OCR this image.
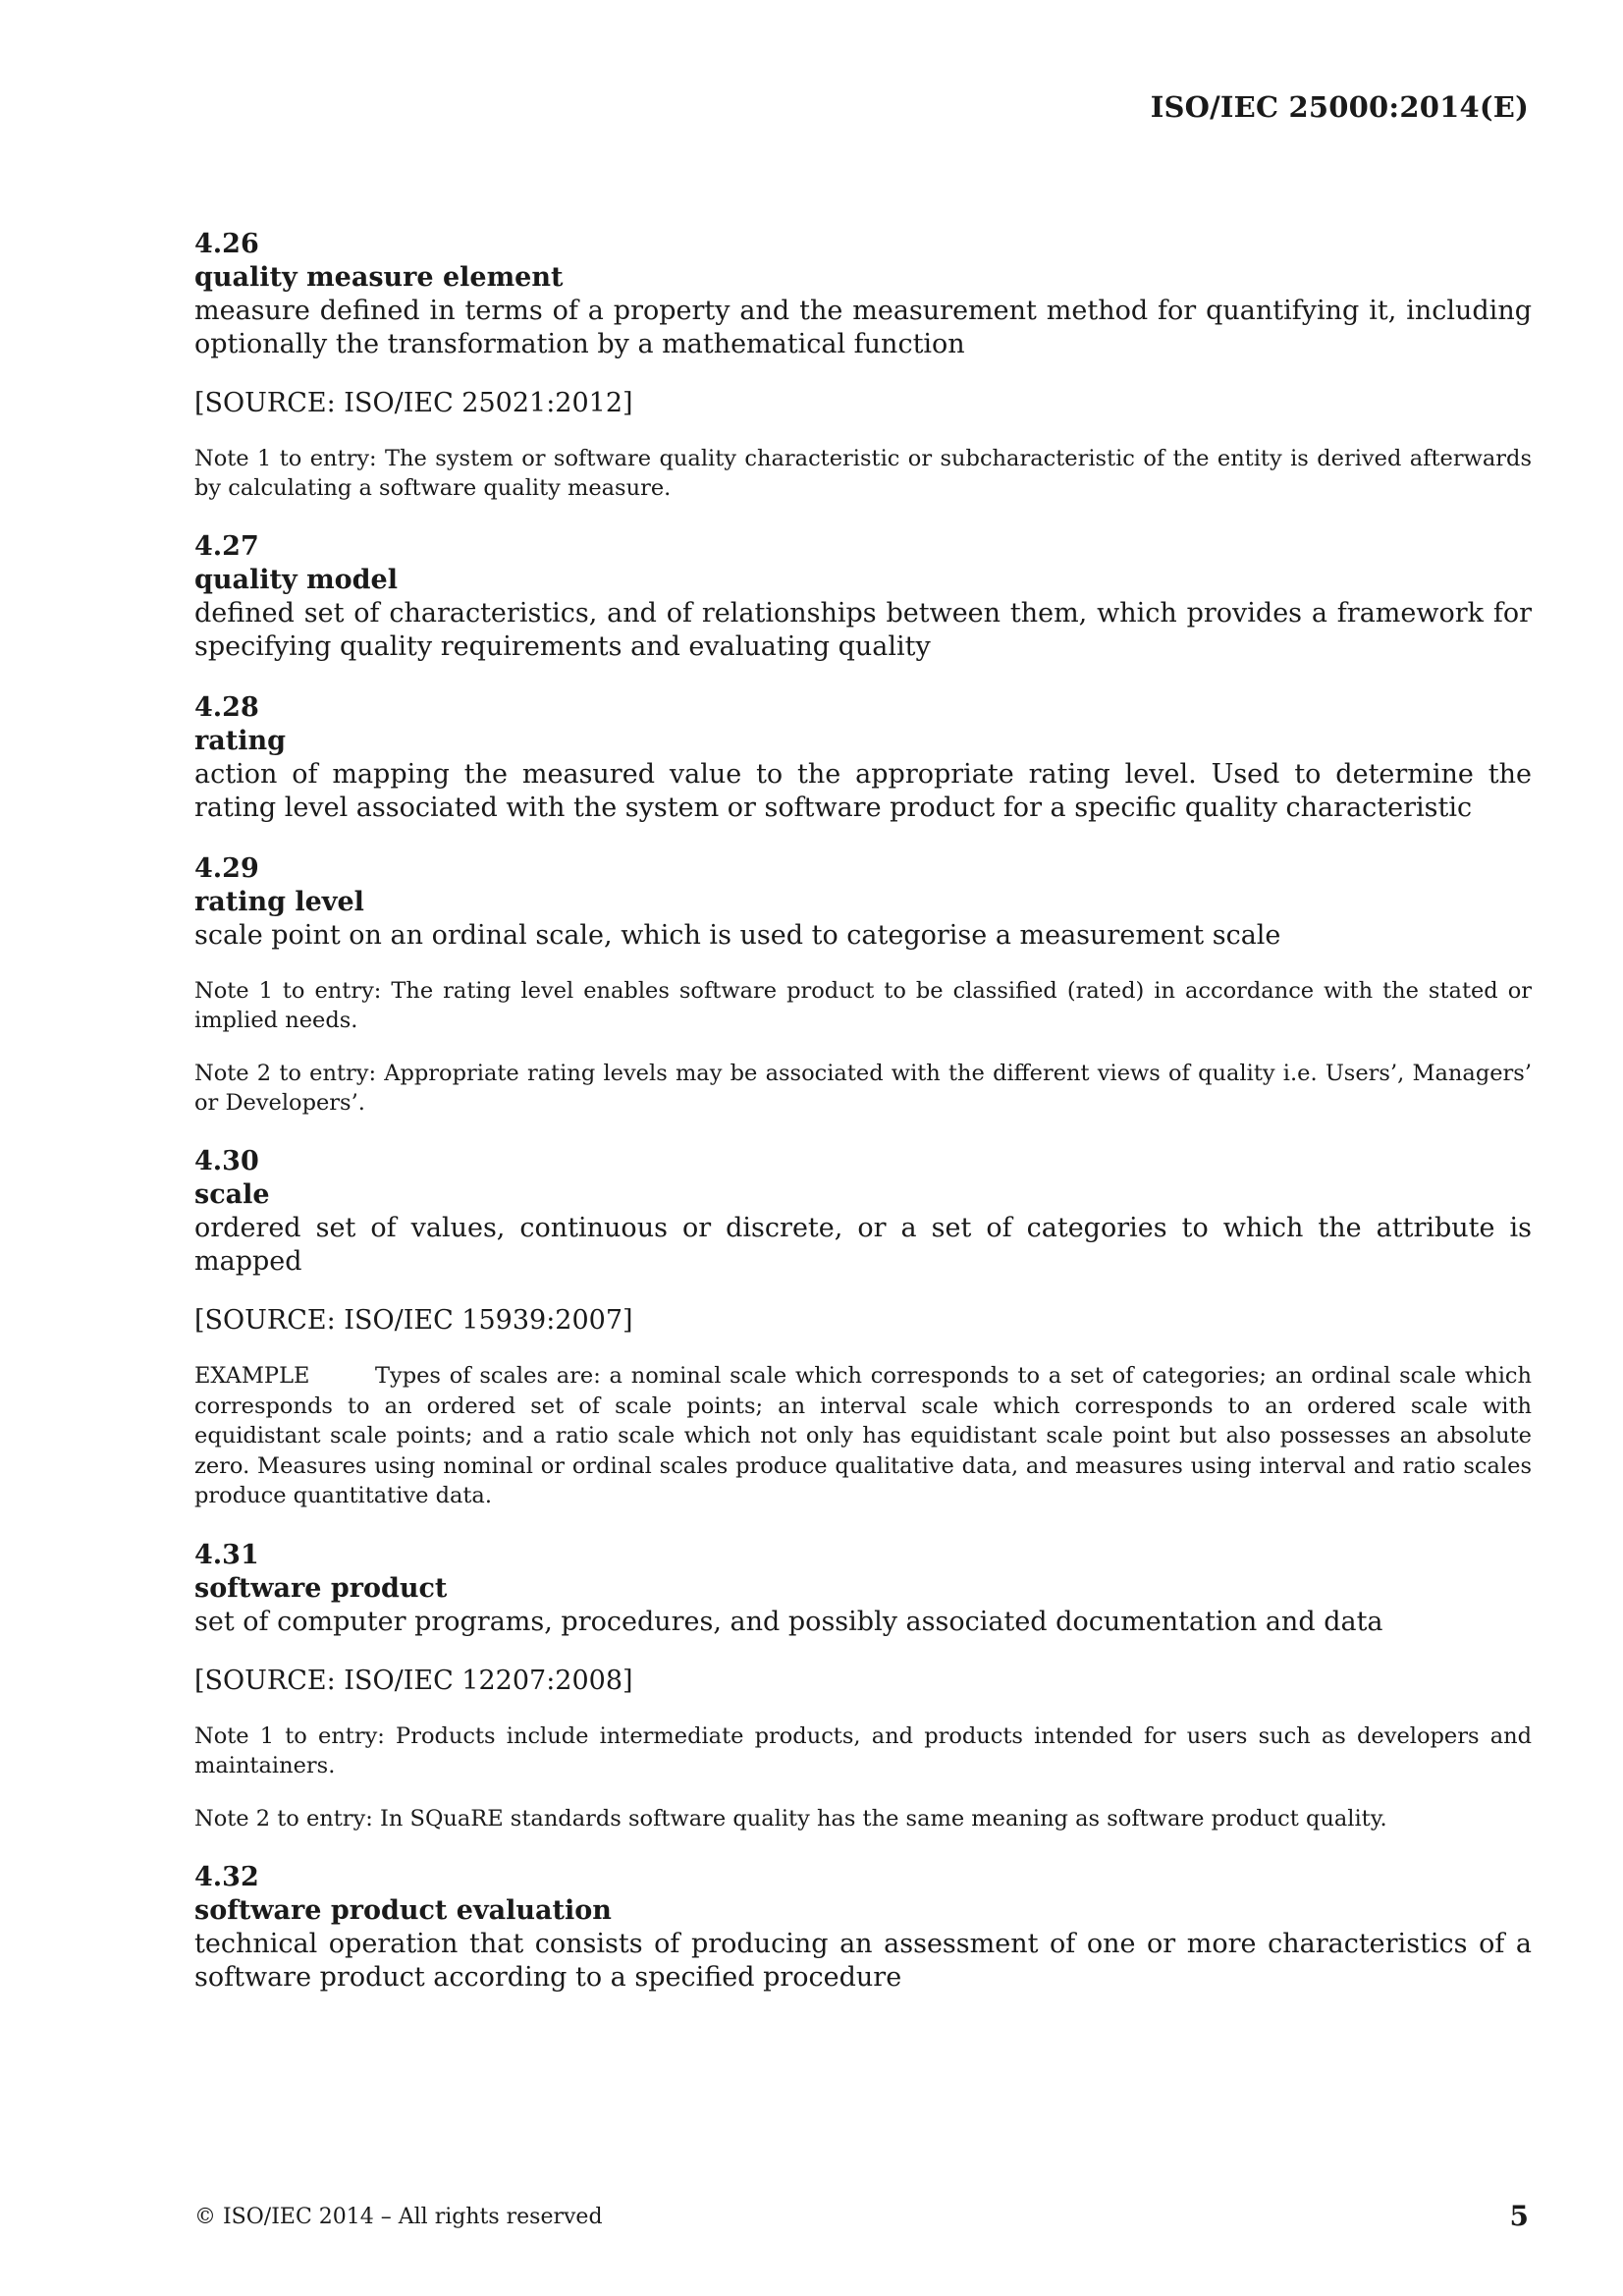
ISO/IEC 25000:2014(E)
4.26
quality measure element

measure defined in terms of a property and the measurement method for quantifying it, including optionally the transformation by a mathematical function

[SOURCE: ISO/IEC 25021:2012]
Note 1 to entry: The system or software quality characteristic or subcharacteristic of the entity is derived afterwards by calculating a software quality measure.
4.27
quality model

defined set of characteristics, and of relationships between them, which provides a framework for specifying quality requirements and evaluating quality

4.28
rating

action of mapping the measured value to the appropriate rating level. Used to determine the rating level associated with the system or software product for a specific quality characteristic

4.29
rating level

scale point on an ordinal scale, which is used to categorise a measurement scale

Note 1 to entry: The rating level enables software product to be classified (rated) in accordance with the stated or implied needs.
Note 2 to entry: Appropriate rating levels may be associated with the different views of quality i.e. Users’, Managers’ or Developers’.
4.30
scale

ordered set of values, continuous or discrete, or a set of categories to which the attribute is mapped

[SOURCE: ISO/IEC 15939:2007]
EXAMPLE	Types of scales are: a nominal scale which corresponds to a set of categories; an ordinal scale which corresponds to an ordered set of scale points; an interval scale which corresponds to an ordered scale with equidistant scale points; and a ratio scale which not only has equidistant scale point but also possesses an absolute zero. Measures using nominal or ordinal scales produce qualitative data, and measures using interval and ratio scales produce quantitative data.
4.31
software product

set of computer programs, procedures, and possibly associated documentation and data

[SOURCE: ISO/IEC 12207:2008]
Note 1 to entry: Products include intermediate products, and products intended for users such as developers and maintainers.
Note 2 to entry: In SQuaRE standards software quality has the same meaning as software product quality.
4.32
software product evaluation

technical operation that consists of producing an assessment of one or more characteristics of a software product according to a specified procedure

© ISO/IEC 2014 – All rights reserved	5
